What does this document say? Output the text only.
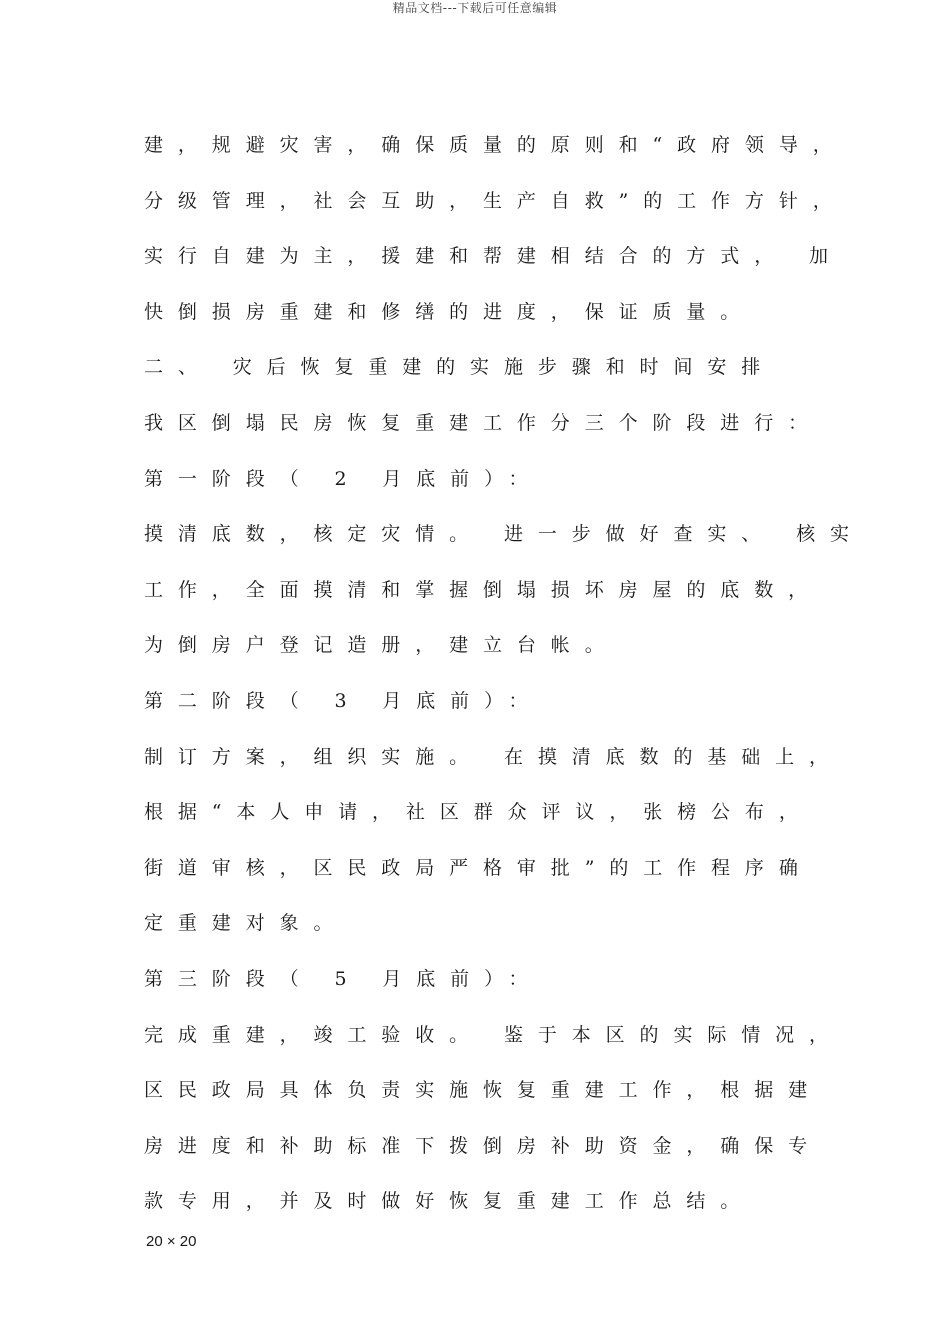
精品文档---下载后可任意编辑
建，规避灾害，确保质量的原则和“政府领导，
分级管理，社会互助，生产自救”的工作方针，
实行自建为主，援建和帮建相结合的方式， 加
快倒损房重建和修缮的进度，保证质量。
二、 灾后恢复重建的实施步骤和时间安排
我区倒塌民房恢复重建工作分三个阶段进行：
第一阶段（ 2 月底前）：
摸清底数，核定灾情。 进一步做好查实、 核实
工作，全面摸清和掌握倒塌损坏房屋的底数，
为倒房户登记造册，建立台帐。
第二阶段（ 3 月底前）：
制订方案，组织实施。 在摸清底数的基础上，
根据“本人申请，社区群众评议，张榜公布，
街道审核，区民政局严格审批”的工作程序确
定重建对象。
第三阶段（ 5 月底前）：
完成重建，竣工验收。 鉴于本区的实际情况，
区民政局具体负责实施恢复重建工作，根据建
房进度和补助标准下拨倒房补助资金，确保专
款专用，并及时做好恢复重建工作总结。
20 × 20
